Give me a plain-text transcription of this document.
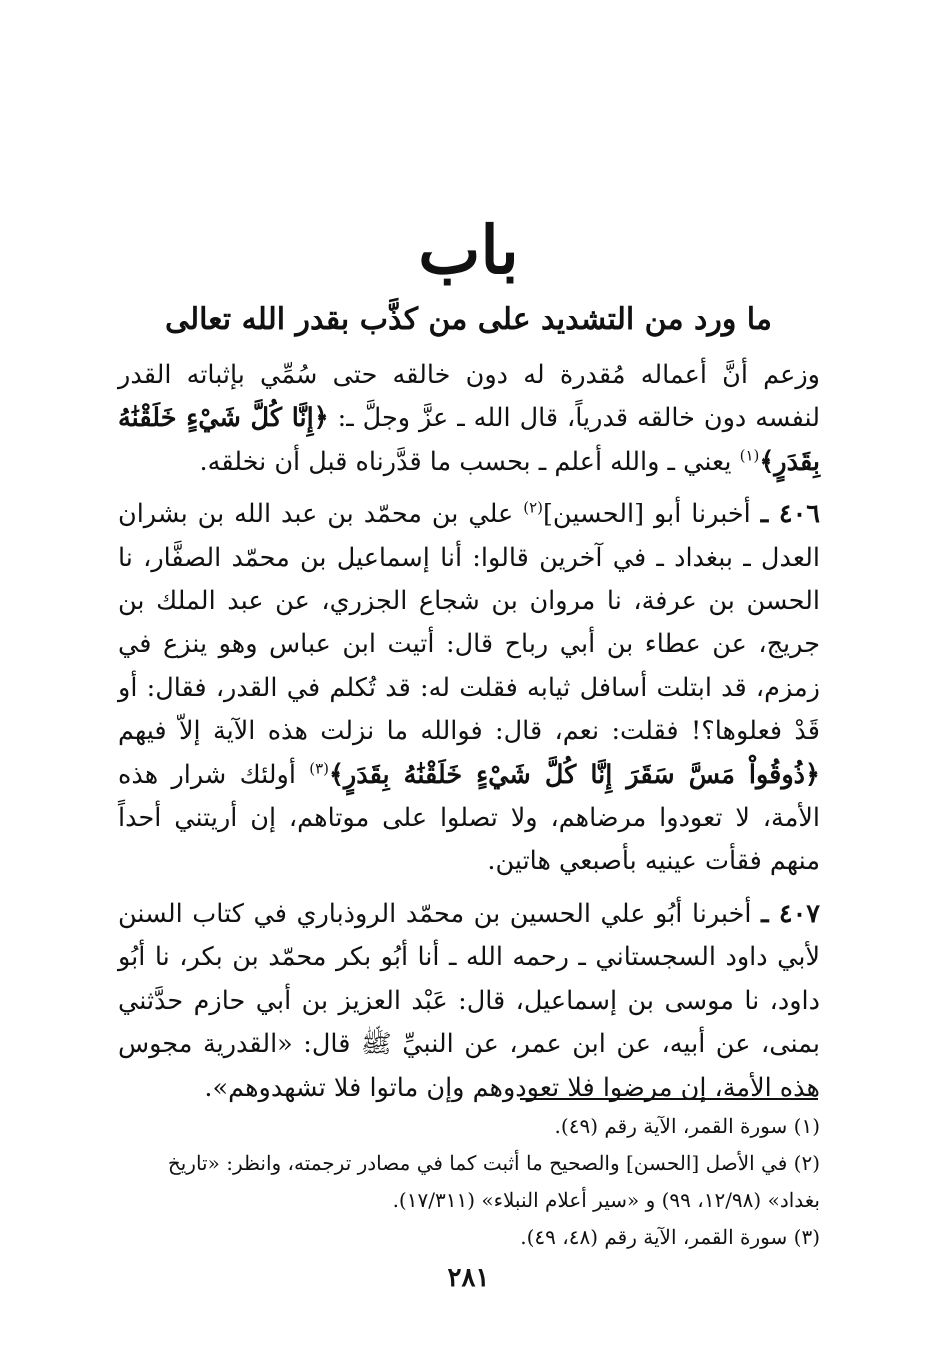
باب
ما ورد من التشديد على من كذَّب بقدر الله تعالى

وزعم أنَّ أعماله مُقدرة له دون خالقه حتى سُمِّي بإثباته القدر لنفسه دون خالقه قدرياً، قال الله ـ عزَّ وجلَّ ـ: ﴿إِنَّا كُلَّ شَيْءٍ خَلَقْنَٰهُ بِقَدَرٍ﴾$^{(١)}$ يعني ـ والله أعلم ـ بحسب ما قدَّرناه قبل أن نخلقه.

٤٠٦ ـ أخبرنا أبو [الحسين]$^{(٢)}$ علي بن محمّد بن عبد الله بن بشران العدل ـ ببغداد ـ في آخرين قالوا: أنا إسماعيل بن محمّد الصفَّار، نا الحسن بن عرفة، نا مروان بن شجاع الجزري، عن عبد الملك بن جريج، عن عطاء بن أبي رباح قال: أتيت ابن عباس وهو ينزع في زمزم، قد ابتلت أسافل ثيابه فقلت له: قد تُكلم في القدر، فقال: أو قَدْ فعلوها؟! فقلت: نعم، قال: فوالله ما نزلت هذه الآية إلاّ فيهم ﴿ذُوقُواْ مَسَّ سَقَرَ إِنَّا كُلَّ شَيْءٍ خَلَقْنَٰهُ بِقَدَرٍ﴾$^{(٣)}$ أولئك شرار هذه الأمة، لا تعودوا مرضاهم، ولا تصلوا على موتاهم، إن أريتني أحداً منهم فقأت عينيه بأصبعي هاتين.

٤٠٧ ـ أخبرنا أبُو علي الحسين بن محمّد الروذباري في كتاب السنن لأبي داود السجستاني ـ رحمه الله ـ أنا أبُو بكر محمّد بن بكر، نا أبُو داود، نا موسى بن إسماعيل، قال: عَبْد العزيز بن أبي حازم حدَّثني بمنى، عن أبيه، عن ابن عمر، عن النبيِّ ﷺ قال: «القدرية مجوس هذه الأمة، إن مرضوا فلا تعودوهم وإن ماتوا فلا تشهدوهم».

(١) سورة القمر، الآية رقم (٤٩).

(٢) في الأصل [الحسن] والصحيح ما أثبت كما في مصادر ترجمته، وانظر: «تاريخ بغداد» (١٢/٩٨، ٩٩) و «سير أعلام النبلاء» (١٧/٣١١).

(٣) سورة القمر، الآية رقم (٤٨، ٤٩).

٢٨١
